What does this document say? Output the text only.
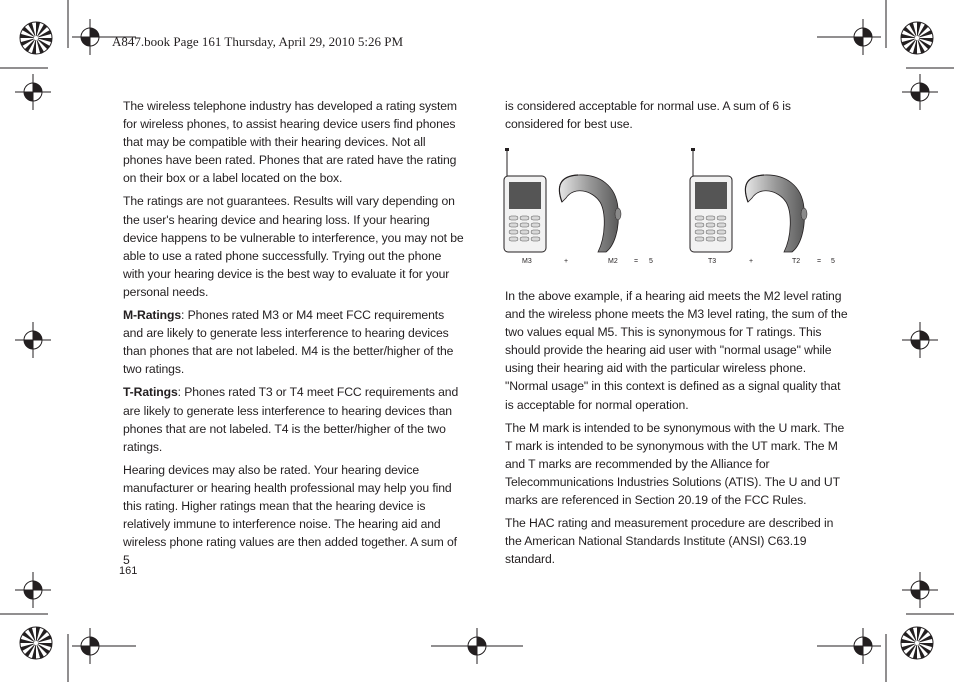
A847.book Page 161 Thursday, April 29, 2010 5:26 PM

The wireless telephone industry has developed a rating system for wireless phones, to assist hearing device users find phones that may be compatible with their hearing devices. Not all phones have been rated. Phones that are rated have the rating on their box or a label located on the box.

The ratings are not guarantees. Results will vary depending on the user's hearing device and hearing loss. If your hearing device happens to be vulnerable to interference, you may not be able to use a rated phone successfully. Trying out the phone with your hearing device is the best way to evaluate it for your personal needs.

M-Ratings: Phones rated M3 or M4 meet FCC requirements and are likely to generate less interference to hearing devices than phones that are not labeled. M4 is the better/higher of the two ratings.

T-Ratings: Phones rated T3 or T4 meet FCC requirements and are likely to generate less interference to hearing devices than phones that are not labeled. T4 is the better/higher of the two ratings.

Hearing devices may also be rated. Your hearing device manufacturer or hearing health professional may help you find this rating. Higher ratings mean that the hearing device is relatively immune to interference noise. The hearing aid and wireless phone rating values are then added together. A sum of 5

is considered acceptable for normal use. A sum of 6 is considered for best use.

M3	+	M2 = 5	T3	+	T2 = 5

In the above example, if a hearing aid meets the M2 level rating and the wireless phone meets the M3 level rating, the sum of the two values equal M5. This is synonymous for T ratings. This should provide the hearing aid user with "normal usage" while using their hearing aid with the particular wireless phone. "Normal usage" in this context is defined as a signal quality that is acceptable for normal operation.

The M mark is intended to be synonymous with the U mark. The T mark is intended to be synonymous with the UT mark. The M and T marks are recommended by the Alliance for Telecommunications Industries Solutions (ATIS). The U and UT marks are referenced in Section 20.19 of the FCC Rules.

The HAC rating and measurement procedure are described in the American National Standards Institute (ANSI) C63.19 standard.

161
